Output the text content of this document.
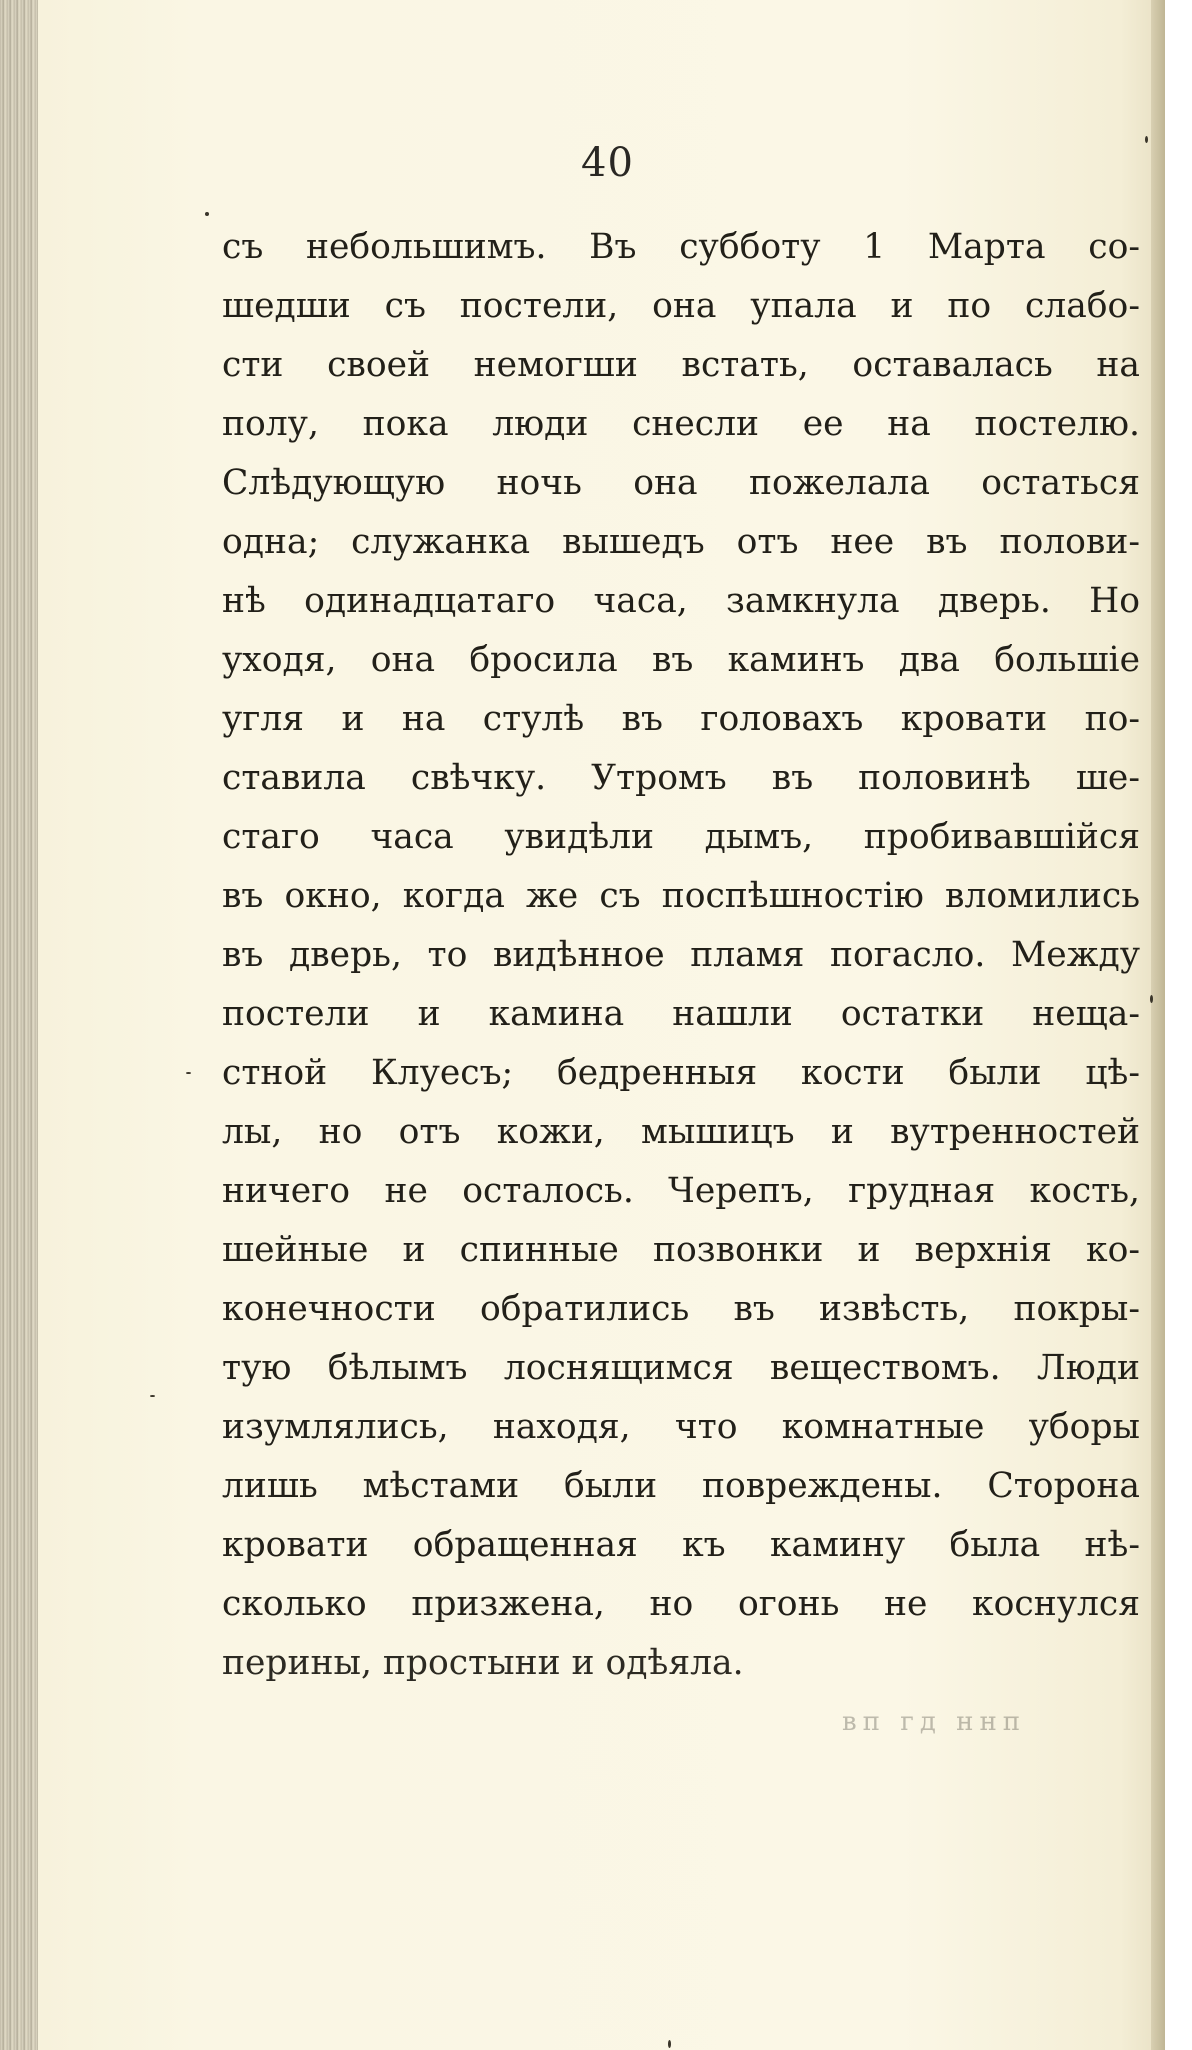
40
съ небольшимъ. Въ субботу 1 Марта со-
шедши съ постели, она упала и по слабо-
сти своей немогши встать, оставалась на
полу, пока люди снесли ее на постелю.
Слѣдующую ночь она пожелала остаться
одна; служанка вышедъ отъ нее въ полови-
нѣ одинадцатаго часа, замкнула дверь. Но
уходя, она бросила въ каминъ два большіе
угля и на стулѣ въ головахъ кровати по-
ставила свѣчку. Утромъ въ половинѣ ше-
стаго часа увидѣли дымъ, пробивавшійся
въ окно, когда же съ поспѣшностію вломились
въ дверь, то видѣнное пламя погасло. Между
постели и камина нашли остатки неща-
стной Клуесъ; бедренныя кости были цѣ-
лы, но отъ кожи, мышицъ и вутренностей
ничего не осталось. Черепъ, грудная кость,
шейные и спинные позвонки и верхнія ко-
конечности обратились въ извѣсть, покры-
тую бѣлымъ лоснящимся веществомъ. Люди
изумлялись, находя, что комнатные уборы
лишь мѣстами были повреждены. Сторона
кровати обращенная къ камину была нѣ-
сколько призжена, но огонь не коснулся
перины, простыни и одѣяла.
вп гд ннп
